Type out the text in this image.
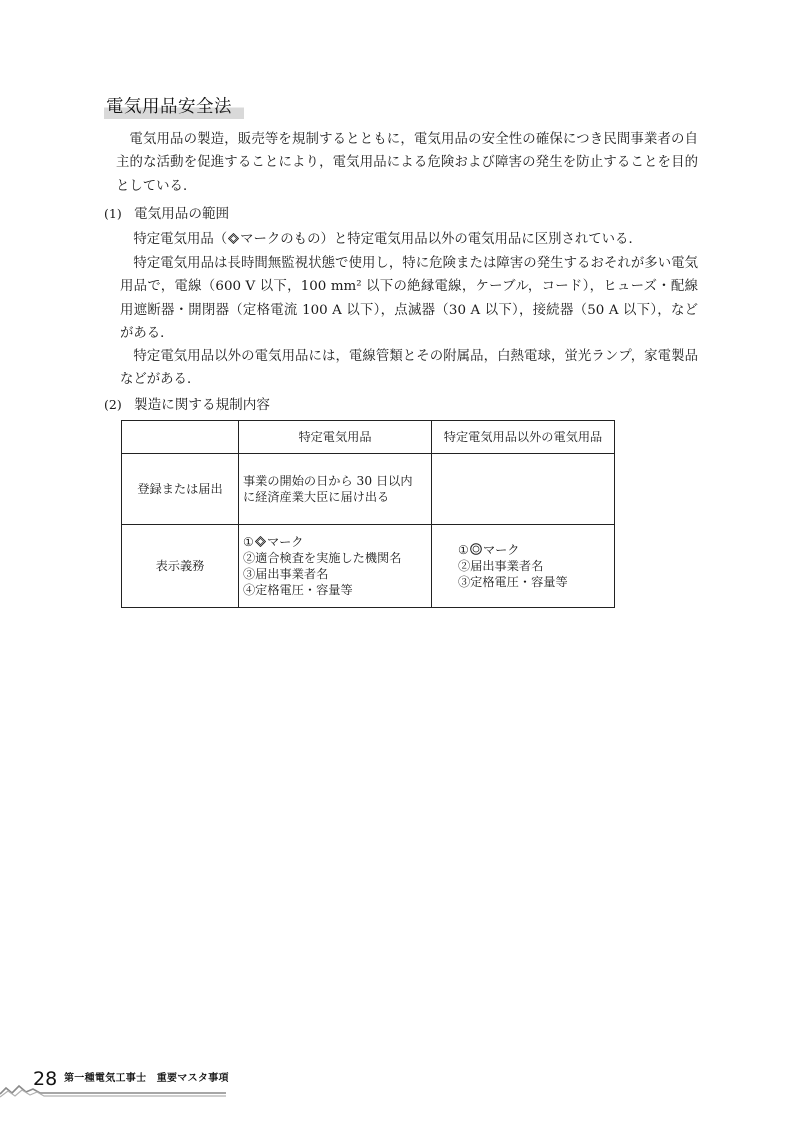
電気用品安全法
電気用品の製造，販売等を規制するとともに，電気用品の安全性の確保につき民間事業者の自主的な活動を促進することにより，電気用品による危険および障害の発生を防止することを目的としている．
(1) 電気用品の範囲
特定電気用品（ マークのもの）と特定電気用品以外の電気用品に区別されている．
特定電気用品は長時間無監視状態で使用し，特に危険または障害の発生するおそれが多い電気用品で，電線（600 V 以下，100 mm² 以下の絶縁電線，ケーブル，コード），ヒューズ・配線用遮断器・開閉器（定格電流 100 A 以下），点滅器（30 A 以下），接続器（50 A 以下），などがある．
特定電気用品以外の電気用品には，電線管類とその附属品，白熱電球，蛍光ランプ，家電製品などがある．
(2) 製造に関する規制内容
	特定電気用品	特定電気用品以外の電気用品
登録または届出	事業の開始の日から 30 日以内
に経済産業大臣に届け出る	

表示義務	① マーク
②適合検査を実施した機関名
③届出事業者名
④定格電圧・容量等	① マーク
②届出事業者名
③定格電圧・容量等
28 第一種電気工事士　重要マスタ事項
